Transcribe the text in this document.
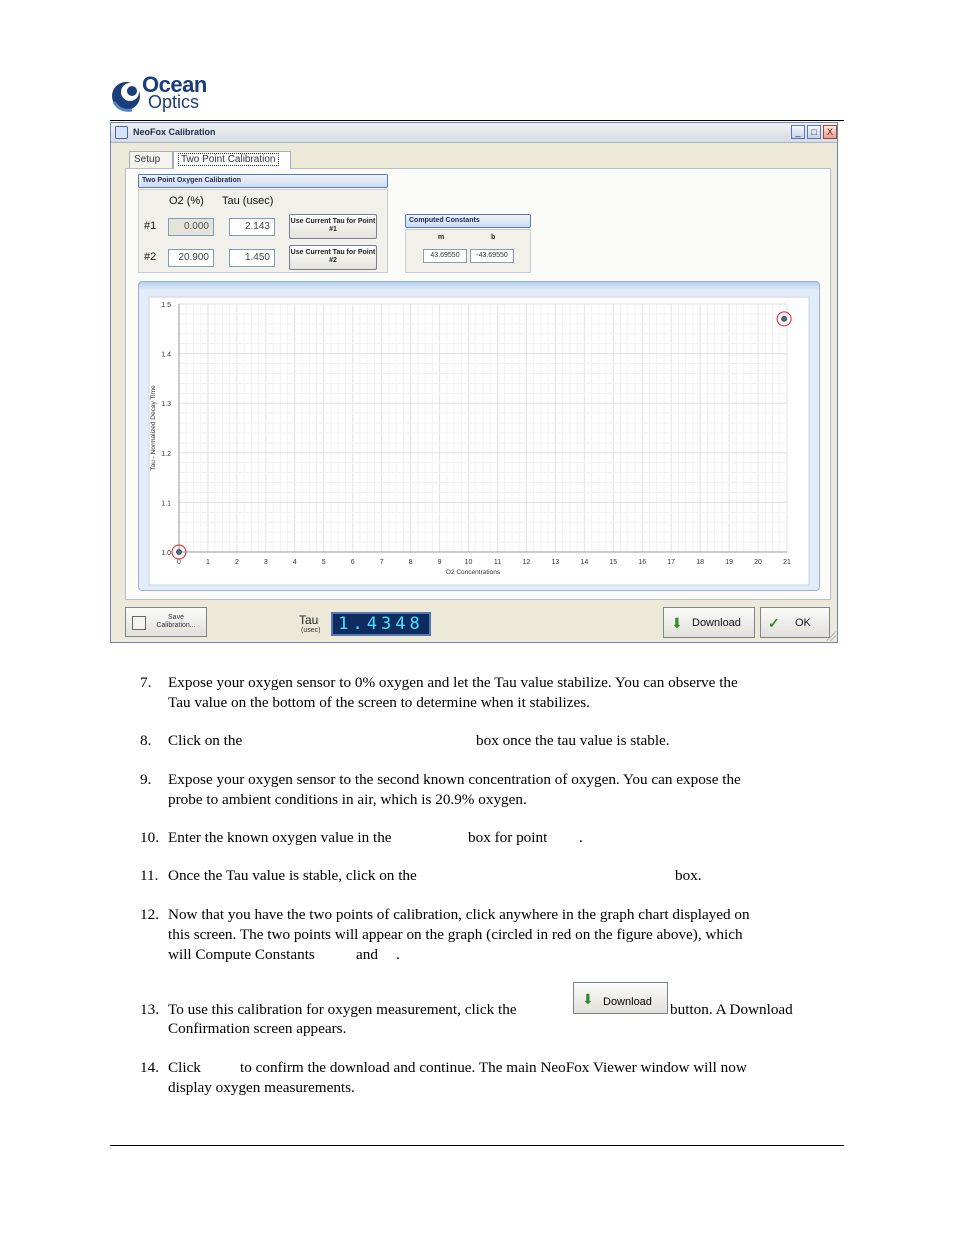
Ocean
Optics
NeoFox Calibration	_	□	X
Setup	Two Point Calibration
Two Point Oxygen Calibration
O2 (%) Tau (usec)
#1	0.000	2.143	Use Current Tau for Point #1
#2	20.900	1.450	Use Current Tau for Point #2
Computed Constants
m	b
43.69550	-43.69550
0	1	2	3	4	5	6	7	8	9	10	11	12	13	14	15	16	17	18	19	20	21
1.0
1.1
1.2
1.3
1.4
1.5
O2 Concentrations
Tau - Normalized Decay Time
Save Calibration...	Tau
(usec)	1.4348	⬇ Download ✓ OK
7.	Expose your oxygen sensor to 0% oxygen and let the Tau value stabilize. You can observe the
Tau value on the bottom of the screen to determine when it stabilizes.
8.	Click on the	box once the tau value is stable.
9.	Expose your oxygen sensor to the second known concentration of oxygen. You can expose the
probe to ambient conditions in air, which is 20.9% oxygen.
10. Enter the known oxygen value in the	box for point .
11. Once the Tau value is stable, click on the	box.
12. Now that you have the two points of calibration, click anywhere in the graph chart displayed on
this screen. The two points will appear on the graph (circled in red on the figure above), which
will Compute Constants	and .
13. To use this calibration for oxygen measurement, click the
⬇ Download button. A Download
Confirmation screen appears.
14. Click	to confirm the download and continue. The main NeoFox Viewer window will now
display oxygen measurements.
